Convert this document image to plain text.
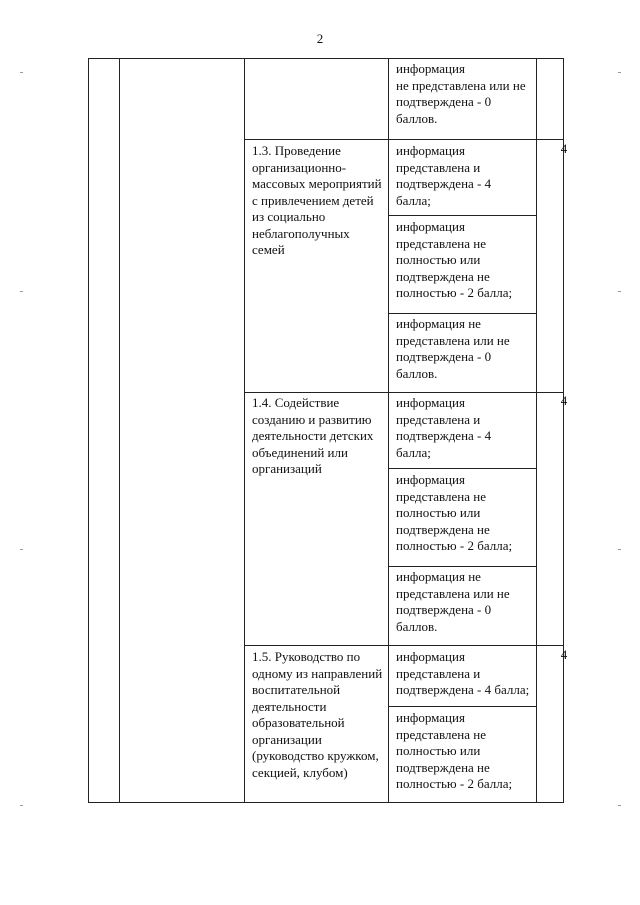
2
информация
не представлена или не
подтверждена - 0
баллов.
1.3. Проведение
организационно-
массовых мероприятий
с привлечением детей
из социально
неблагополучных
семей
информация
представлена и
подтверждена - 4
балла;
информация
представлена не
полностью или
подтверждена не
полностью - 2 балла;
информация не
представлена или не
подтверждена - 0
баллов.
4
1.4. Содействие
созданию и развитию
деятельности детских
объединений или
организаций
информация
представлена и
подтверждена - 4
балла;
информация
представлена не
полностью или
подтверждена не
полностью - 2 балла;
информация не
представлена или не
подтверждена - 0
баллов.
4
1.5. Руководство по
одному из направлений
воспитательной
деятельности
образовательной
организации
(руководство кружком,
секцией, клубом)
информация
представлена и
подтверждена - 4 балла;
информация
представлена не
полностью или
подтверждена не
полностью - 2 балла;
4
